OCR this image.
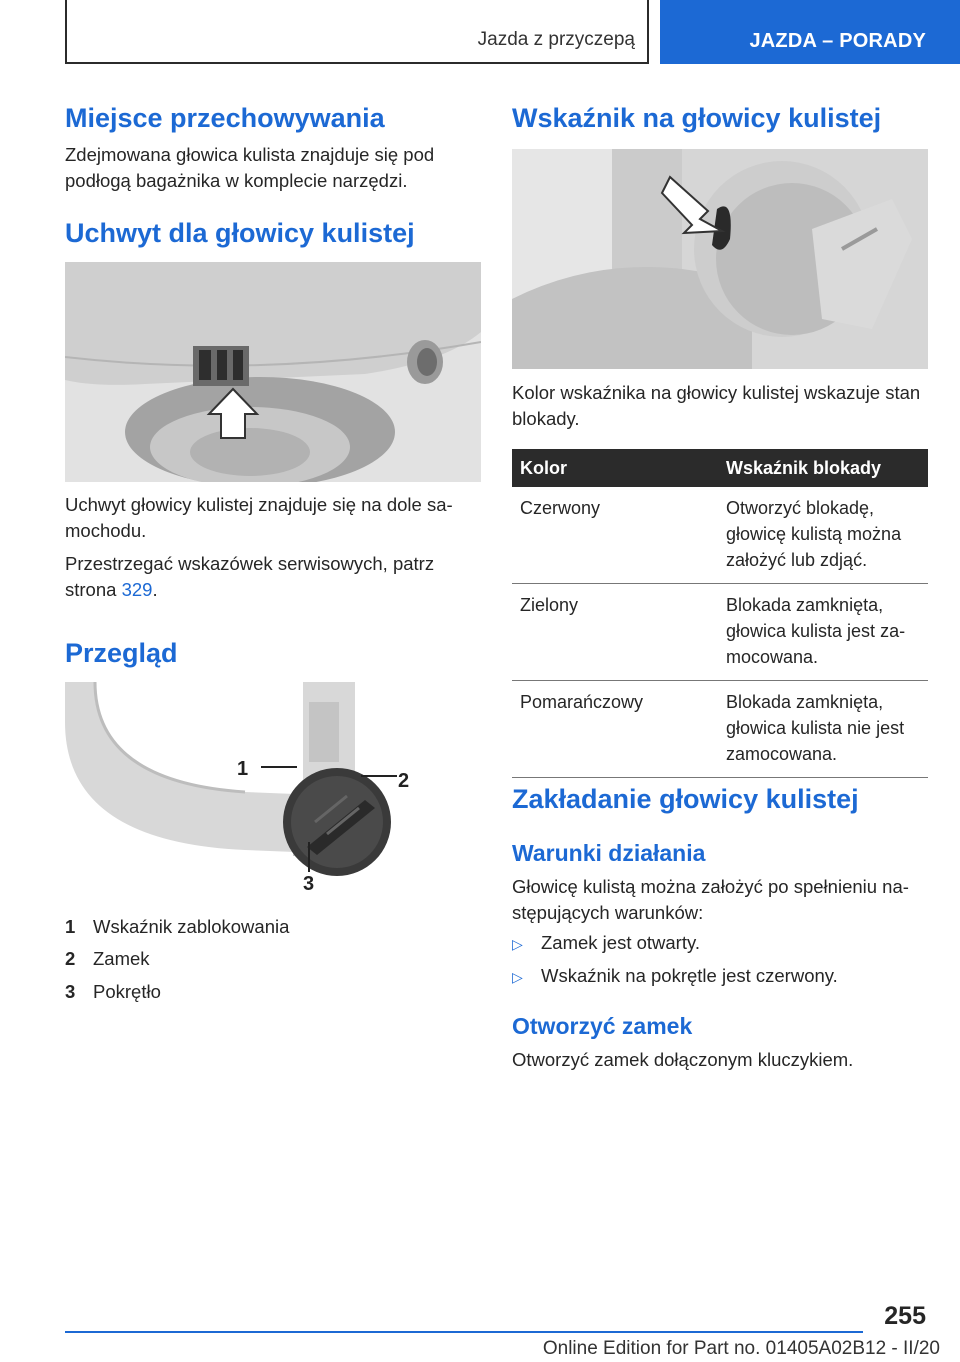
Jazda z przyczepą	JAZDA – PORADY
Miejsce przechowywania

Zdejmowana głowica kulista znajduje się pod podłogą bagażnika w komplecie narzędzi.

Uchwyt dla głowicy kulistej

Uchwyt głowicy kulistej znajduje się na dole samochodu.

Przestrzegać wskazówek serwisowych, patrz strona 329.

Przegląd
1
2
3
1 Wskaźnik zablokowania
2 Zamek
3 Pokrętło
Wskaźnik na głowicy kulistej

Kolor wskaźnika na głowicy kulistej wskazuje stan blokady.

Kolor	Wskaźnik blokady
Czerwony	Otworzyć blokadę, głowicę kulistą można założyć lub zdjąć.
Zielony	Blokada zamknięta, głowica kulista jest zamocowana.
Pomarańczowy	Blokada zamknięta, głowica kulista nie jest zamocowana.
Zakładanie głowicy kulistej
Warunki działania

Głowicę kulistą można założyć po spełnieniu następujących warunków:

▷ Zamek jest otwarty.
▷ Wskaźnik na pokrętle jest czerwony.
Otworzyć zamek

Otworzyć zamek dołączonym kluczykiem.

255
Online Edition for Part no. 01405A02B12 - II/20
